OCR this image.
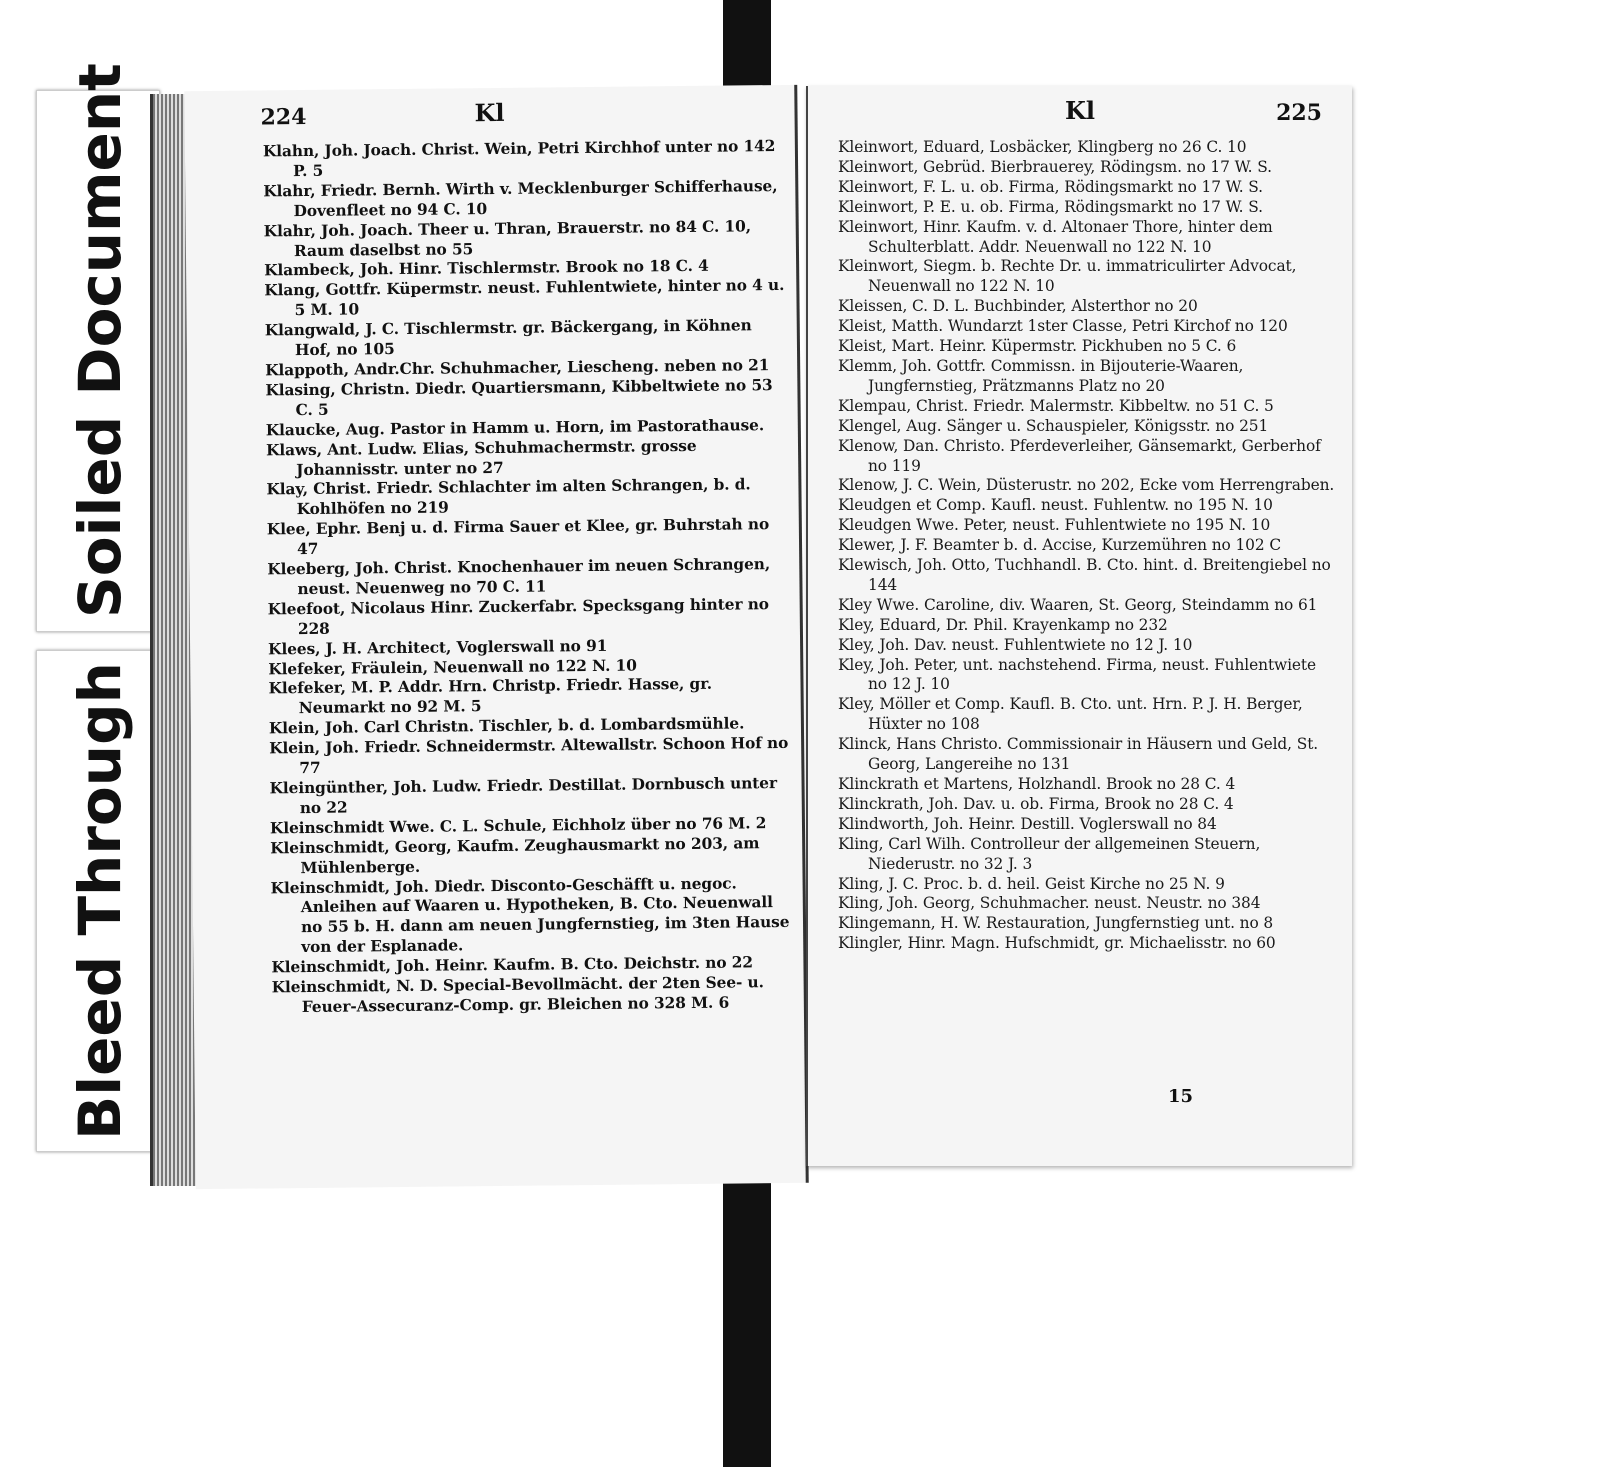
Soiled Document
Bleed Through
224	Kl

Klahn, Joh. Joach. Christ. Wein, Petri Kirchhof unter no 142 P. 5

Klahr, Friedr. Bernh. Wirth v. Mecklenburger Schifferhause, Dovenfleet no 94 C. 10

Klahr, Joh. Joach. Theer u. Thran, Brauerstr. no 84 C. 10, Raum daselbst no 55

Klambeck, Joh. Hinr. Tischlermstr. Brook no 18 C. 4

Klang, Gottfr. Küpermstr. neust. Fuhlentwiete, hinter no 4 u. 5 M. 10

Klangwald, J. C. Tischlermstr. gr. Bäckergang, in Köhnen Hof, no 105

Klappoth, Andr.Chr. Schuhmacher, Liescheng. neben no 21

Klasing, Christn. Diedr. Quartiersmann, Kibbeltwiete no 53 C. 5

Klaucke, Aug. Pastor in Hamm u. Horn, im Pastorathause.

Klaws, Ant. Ludw. Elias, Schuhmachermstr. grosse Johannisstr. unter no 27

Klay, Christ. Friedr. Schlachter im alten Schrangen, b. d. Kohlhöfen no 219

Klee, Ephr. Benj u. d. Firma Sauer et Klee, gr. Buhrstah no 47

Kleeberg, Joh. Christ. Knochenhauer im neuen Schrangen, neust. Neuenweg no 70 C. 11

Kleefoot, Nicolaus Hinr. Zuckerfabr. Specksgang hinter no 228

Klees, J. H. Architect, Voglerswall no 91

Klefeker, Fräulein, Neuenwall no 122 N. 10

Klefeker, M. P. Addr. Hrn. Christp. Friedr. Hasse, gr. Neumarkt no 92 M. 5

Klein, Joh. Carl Christn. Tischler, b. d. Lombardsmühle.

Klein, Joh. Friedr. Schneidermstr. Altewallstr. Schoon Hof no 77

Kleingünther, Joh. Ludw. Friedr. Destillat. Dornbusch unter no 22

Kleinschmidt Wwe. C. L. Schule, Eichholz über no 76 M. 2

Kleinschmidt, Georg, Kaufm. Zeughausmarkt no 203, am Mühlenberge.

Kleinschmidt, Joh. Diedr. Disconto-Geschäfft u. negoc. Anleihen auf Waaren u. Hypotheken, B. Cto. Neuenwall no 55 b. H. dann am neuen Jungfernstieg, im 3ten Hause von der Esplanade.

Kleinschmidt, Joh. Heinr. Kaufm. B. Cto. Deichstr. no 22

Kleinschmidt, N. D. Special-Bevollmächt. der 2ten See- u. Feuer-Assecuranz-Comp. gr. Bleichen no 328 M. 6

Kl	225

Kleinwort, Eduard, Losbäcker, Klingberg no 26 C. 10

Kleinwort, Gebrüd. Bierbrauerey, Rödingsm. no 17 W. S.

Kleinwort, F. L. u. ob. Firma, Rödingsmarkt no 17 W. S.

Kleinwort, P. E. u. ob. Firma, Rödingsmarkt no 17 W. S.

Kleinwort, Hinr. Kaufm. v. d. Altonaer Thore, hinter dem Schulterblatt. Addr. Neuenwall no 122 N. 10

Kleinwort, Siegm. b. Rechte Dr. u. immatriculirter Advocat, Neuenwall no 122 N. 10

Kleissen, C. D. L. Buchbinder, Alsterthor no 20

Kleist, Matth. Wundarzt 1ster Classe, Petri Kirchof no 120

Kleist, Mart. Heinr. Küpermstr. Pickhuben no 5 C. 6

Klemm, Joh. Gottfr. Commissn. in Bijouterie-Waaren, Jungfernstieg, Prätzmanns Platz no 20

Klempau, Christ. Friedr. Malermstr. Kibbeltw. no 51 C. 5

Klengel, Aug. Sänger u. Schauspieler, Königsstr. no 251

Klenow, Dan. Christo. Pferdeverleiher, Gänsemarkt, Gerberhof no 119

Klenow, J. C. Wein, Düsterustr. no 202, Ecke vom Herrengraben.

Kleudgen et Comp. Kaufl. neust. Fuhlentw. no 195 N. 10

Kleudgen Wwe. Peter, neust. Fuhlentwiete no 195 N. 10

Klewer, J. F. Beamter b. d. Accise, Kurzemühren no 102 C

Klewisch, Joh. Otto, Tuchhandl. B. Cto. hint. d. Breitengiebel no 144

Kley Wwe. Caroline, div. Waaren, St. Georg, Steindamm no 61

Kley, Eduard, Dr. Phil. Krayenkamp no 232

Kley, Joh. Dav. neust. Fuhlentwiete no 12 J. 10

Kley, Joh. Peter, unt. nachstehend. Firma, neust. Fuhlentwiete no 12 J. 10

Kley, Möller et Comp. Kaufl. B. Cto. unt. Hrn. P. J. H. Berger, Hüxter no 108

Klinck, Hans Christo. Commissionair in Häusern und Geld, St. Georg, Langereihe no 131

Klinckrath et Martens, Holzhandl. Brook no 28 C. 4

Klinckrath, Joh. Dav. u. ob. Firma, Brook no 28 C. 4

Klindworth, Joh. Heinr. Destill. Voglerswall no 84

Kling, Carl Wilh. Controlleur der allgemeinen Steuern, Niederustr. no 32 J. 3

Kling, J. C. Proc. b. d. heil. Geist Kirche no 25 N. 9

Kling, Joh. Georg, Schuhmacher. neust. Neustr. no 384

Klingemann, H. W. Restauration, Jungfernstieg unt. no 8

Klingler, Hinr. Magn. Hufschmidt, gr. Michaelisstr. no 60

15
